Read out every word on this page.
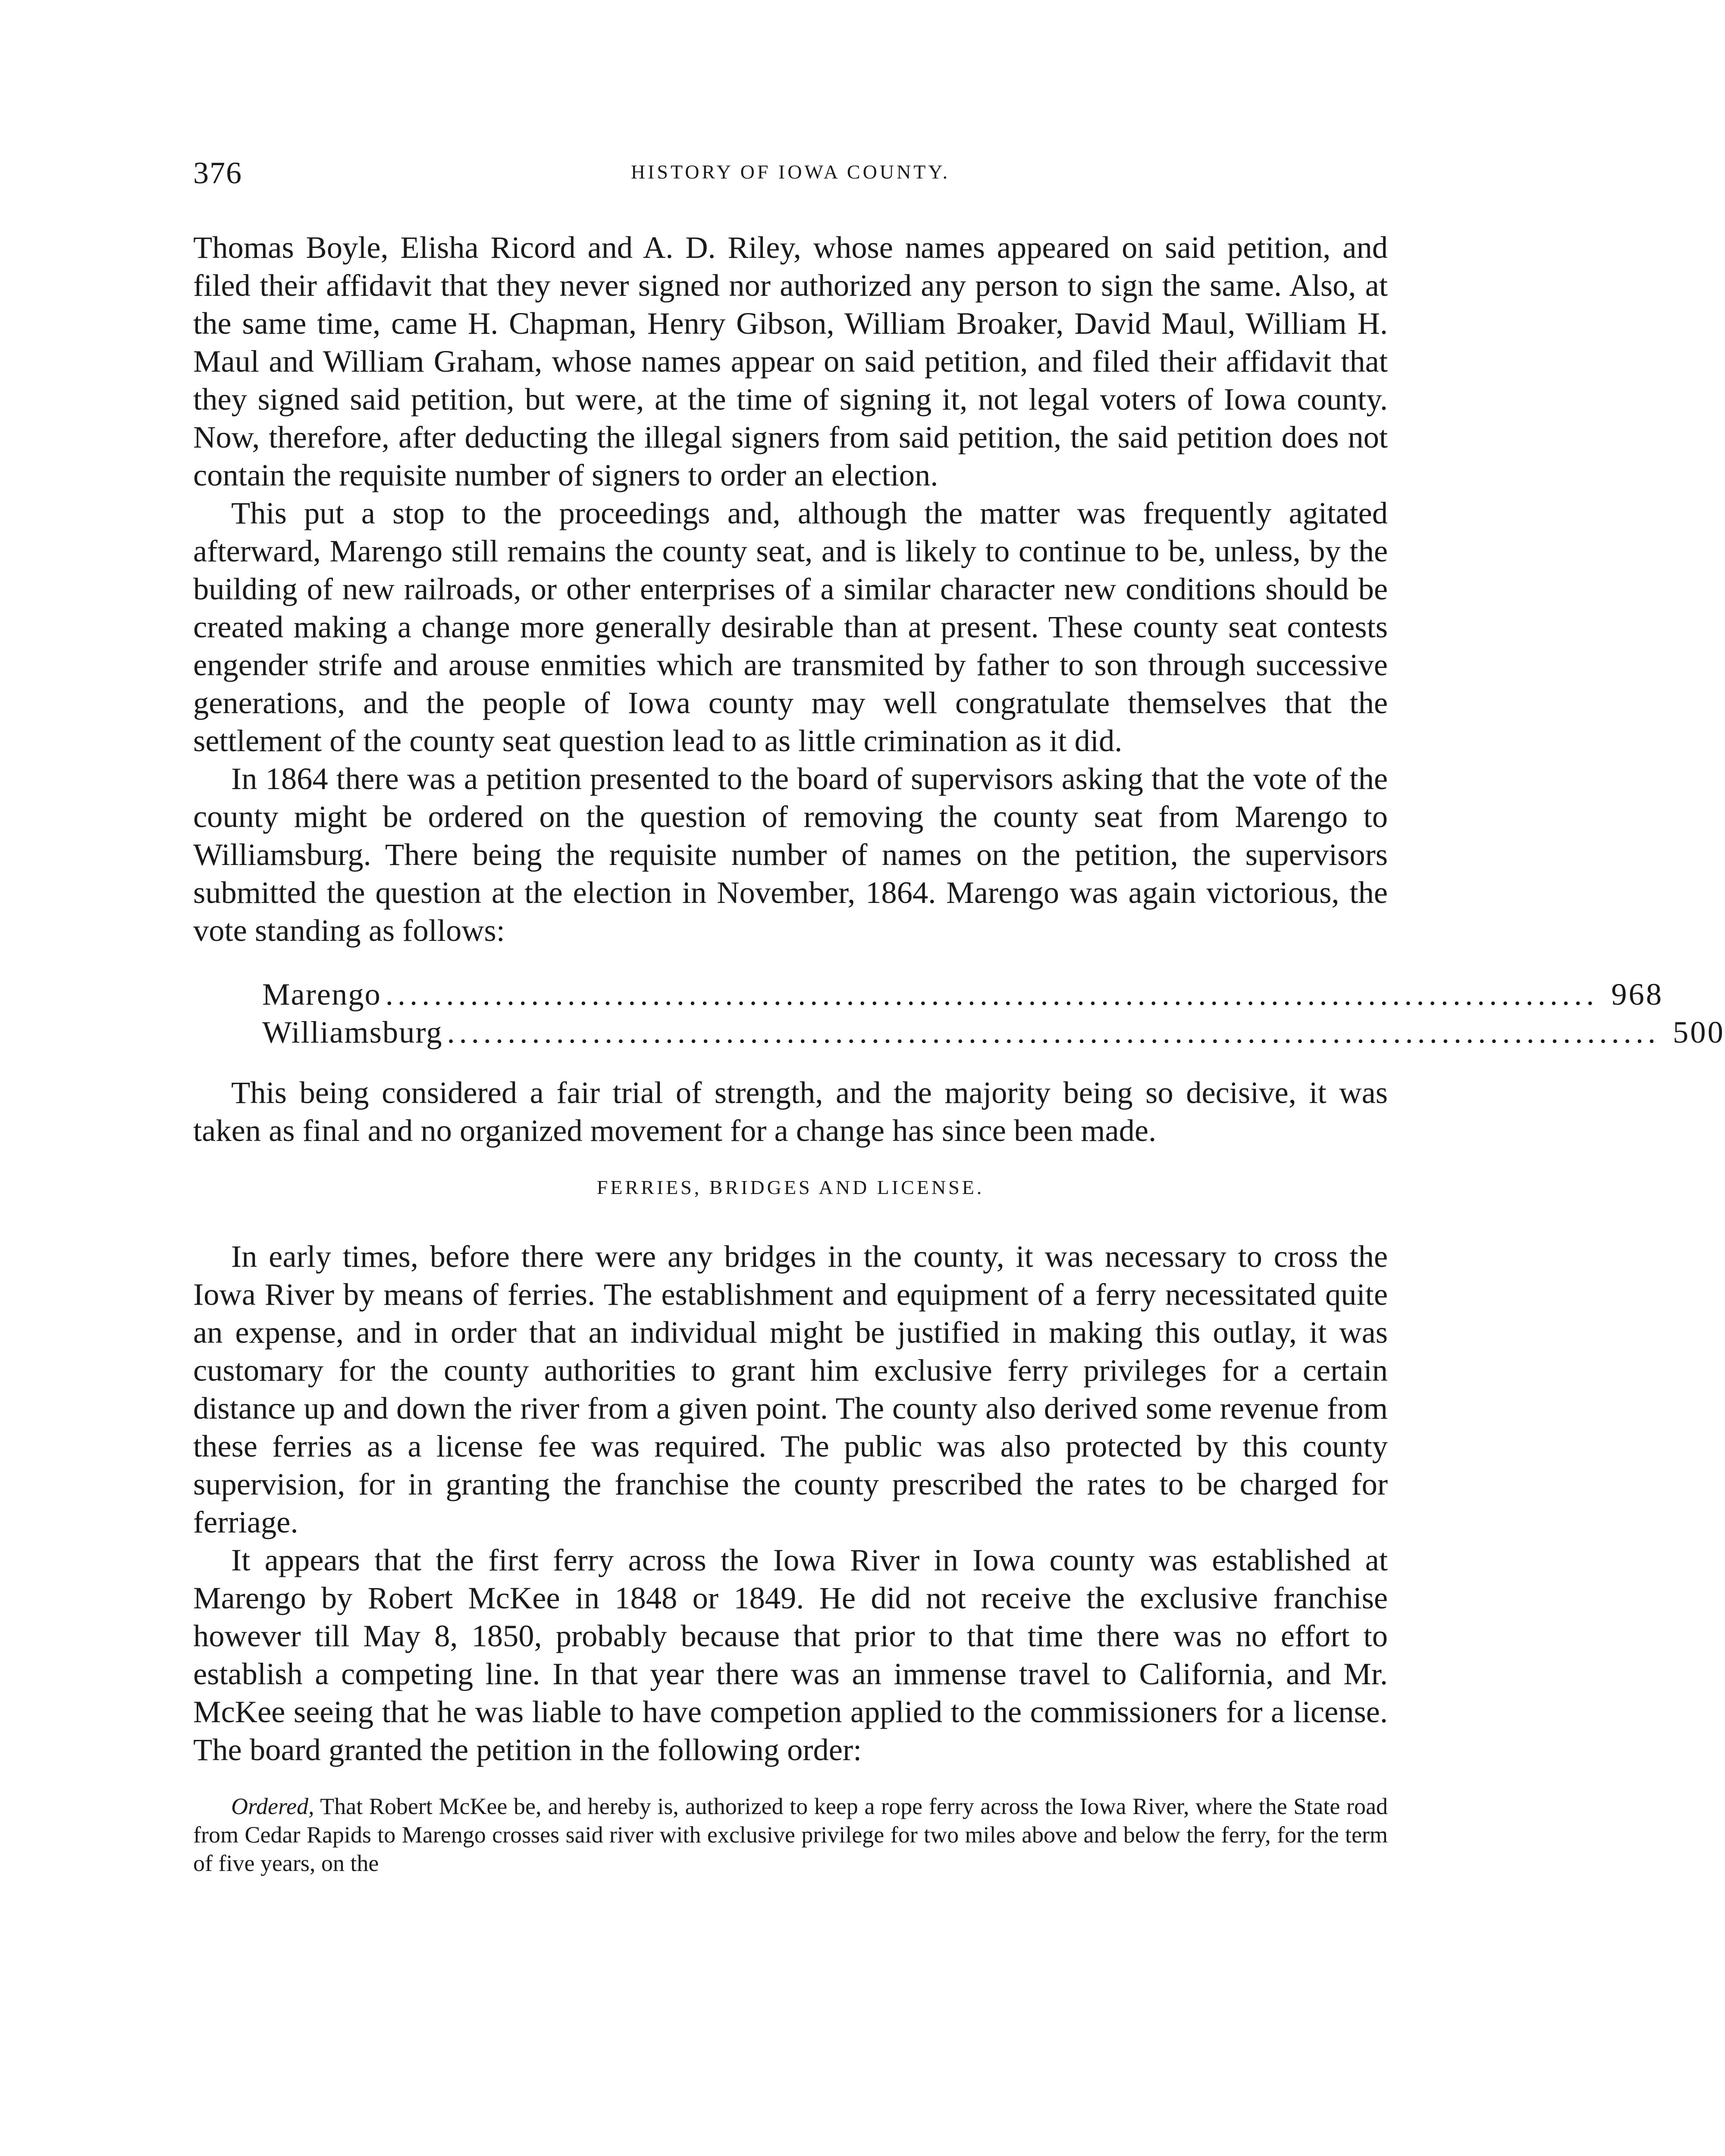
376	HISTORY OF IOWA COUNTY.

Thomas Boyle, Elisha Ricord and A. D. Riley, whose names appeared on said petition, and filed their affidavit that they never signed nor authorized any person to sign the same. Also, at the same time, came H. Chapman, Henry Gibson, William Broaker, David Maul, William H. Maul and William Graham, whose names appear on said petition, and filed their affidavit that they signed said petition, but were, at the time of signing it, not legal voters of Iowa county. Now, therefore, after deducting the illegal signers from said petition, the said petition does not contain the requisite number of signers to order an election.

This put a stop to the proceedings and, although the matter was frequently agitated afterward, Marengo still remains the county seat, and is likely to continue to be, unless, by the building of new railroads, or other enterprises of a similar character new conditions should be created making a change more generally desirable than at present. These county seat contests engender strife and arouse enmities which are transmited by father to son through successive generations, and the people of Iowa county may well congratulate themselves that the settlement of the county seat question lead to as little crimination as it did.

In 1864 there was a petition presented to the board of supervisors asking that the vote of the county might be ordered on the question of removing the county seat from Marengo to Williamsburg. There being the requisite number of names on the petition, the supervisors submitted the question at the election in November, 1864. Marengo was again victorious, the vote standing as follows:

Marengo .................................................................................................... 968
Williamsburg .................................................................................................... 500

This being considered a fair trial of strength, and the majority being so decisive, it was taken as final and no organized movement for a change has since been made.

FERRIES, BRIDGES AND LICENSE.

In early times, before there were any bridges in the county, it was necessary to cross the Iowa River by means of ferries. The establishment and equipment of a ferry necessitated quite an expense, and in order that an individual might be justified in making this outlay, it was customary for the county authorities to grant him exclusive ferry privileges for a certain distance up and down the river from a given point. The county also derived some revenue from these ferries as a license fee was required. The public was also protected by this county supervision, for in granting the franchise the county prescribed the rates to be charged for ferriage.

It appears that the first ferry across the Iowa River in Iowa county was established at Marengo by Robert McKee in 1848 or 1849. He did not receive the exclusive franchise however till May 8, 1850, probably because that prior to that time there was no effort to establish a competing line. In that year there was an immense travel to California, and Mr. McKee seeing that he was liable to have competion applied to the commissioners for a license. The board granted the petition in the following order:

Ordered, That Robert McKee be, and hereby is, authorized to keep a rope ferry across the Iowa River, where the State road from Cedar Rapids to Marengo crosses said river with exclusive privilege for two miles above and below the ferry, for the term of five years, on the
